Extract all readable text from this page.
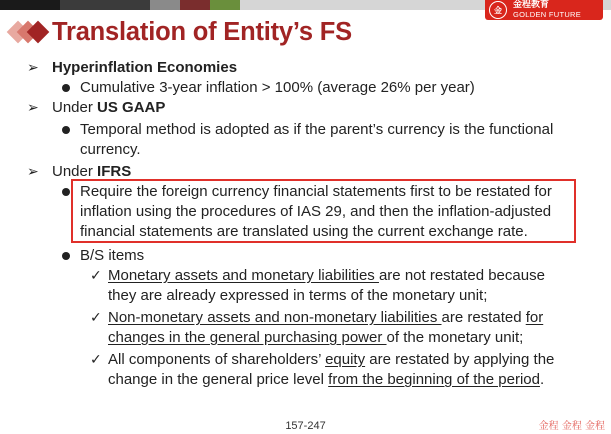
金	金程教育
GOLDEN FUTURE
Translation of Entity’s FS
➢ Hyperinflation Economies
Cumulative 3-year inflation > 100% (average 26% per year)
➢ Under US GAAP
Temporal method is adopted as if the parent’s currency is the functional
currency.
➢ Under IFRS
Require the foreign currency financial statements first to be restated for
inflation using the procedures of IAS 29, and then the inflation-adjusted
financial statements are translated using the current exchange rate.
B/S items
✓ Monetary assets and monetary liabilities are not restated because
they are already expressed in terms of the monetary unit;
✓ Non-monetary assets and non-monetary liabilities are restated for
changes in the general purchasing power of the monetary unit;
✓ All components of shareholders’ equity are restated by applying the
change in the general price level from the beginning of the period.
157-247	金程 金程 金程
